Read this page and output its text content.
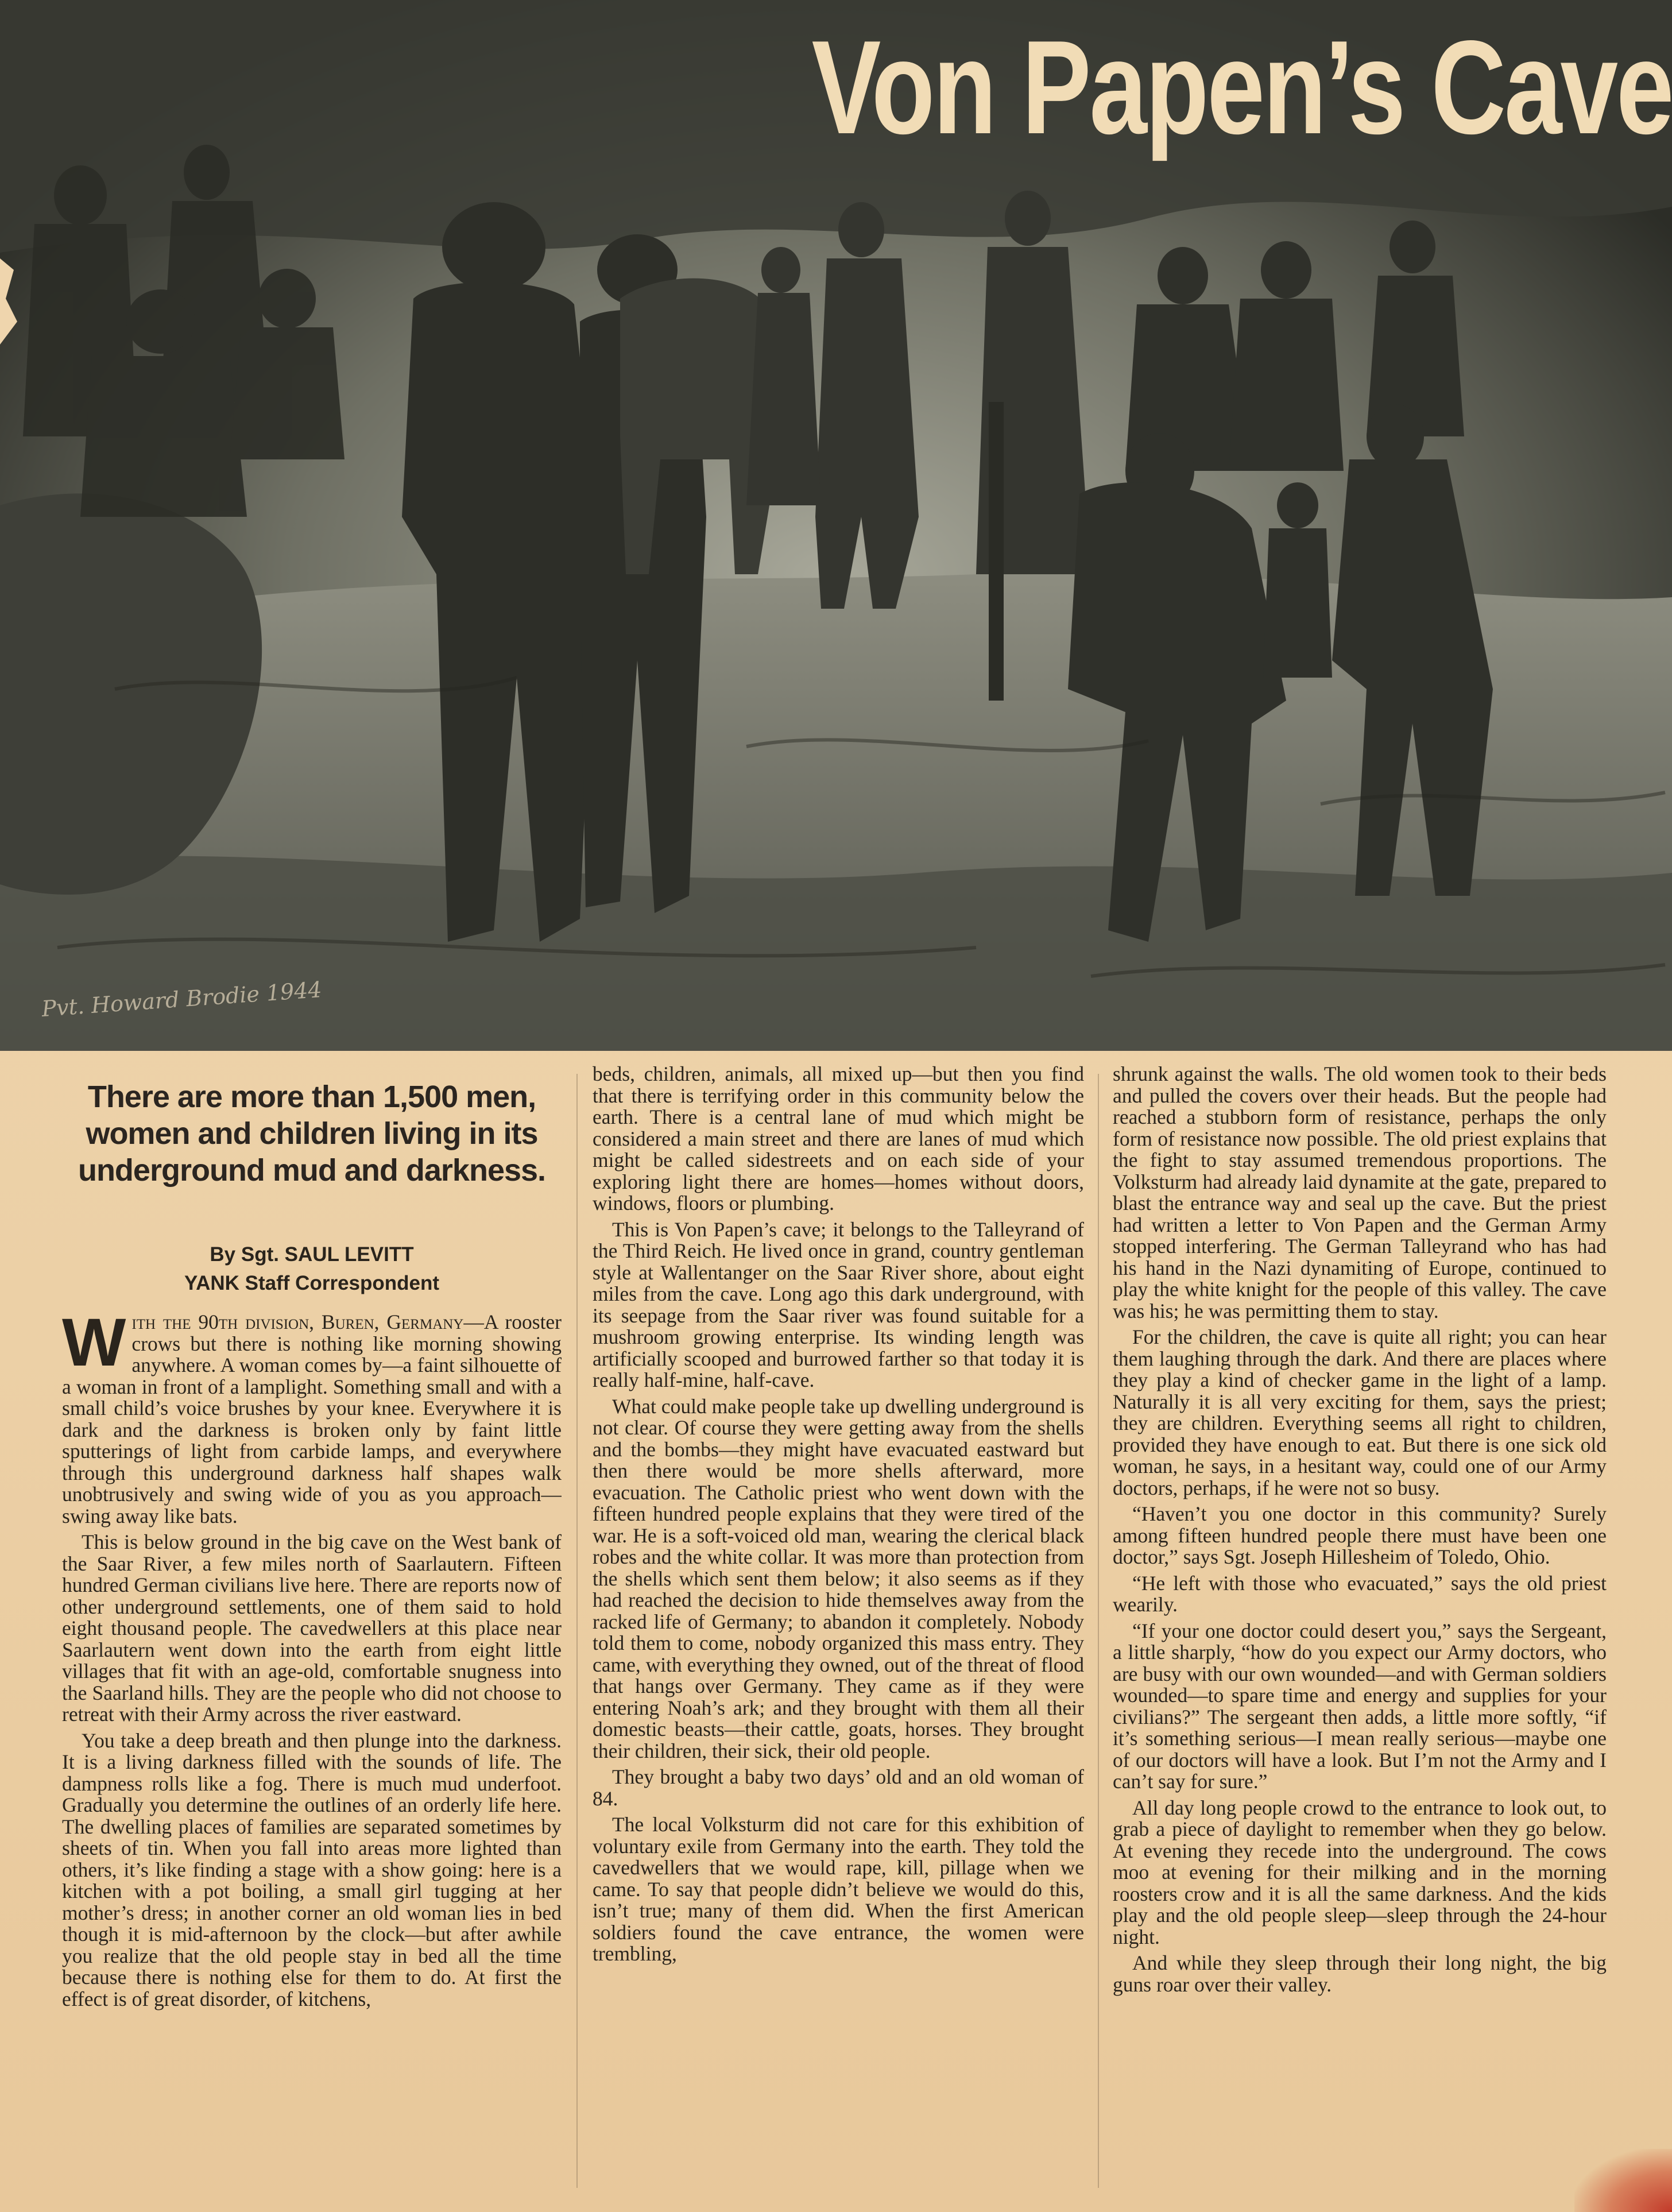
Von Papen’s Cave
Pvt. Howard Brodie 1944
There are more than 1,500 men, women and children living in its underground mud and darkness.
By Sgt. SAUL LEVITT
YANK Staff Correspondent

With the 90th division, Buren, Germany—A rooster crows but there is nothing like morning showing anywhere. A woman comes by—a faint silhouette of a woman in front of a lamplight. Something small and with a small child’s voice brushes by your knee. Everywhere it is dark and the darkness is broken only by faint little sputterings of light from carbide lamps, and everywhere through this underground darkness half shapes walk unobtrusively and swing wide of you as you approach—swing away like bats.

This is below ground in the big cave on the West bank of the Saar River, a few miles north of Saarlautern. Fifteen hundred German civilians live here. There are reports now of other underground settlements, one of them said to hold eight thousand people. The cavedwellers at this place near Saarlautern went down into the earth from eight little villages that fit with an age-old, comfortable snugness into the Saarland hills. They are the people who did not choose to retreat with their Army across the river eastward.

You take a deep breath and then plunge into the darkness. It is a living darkness filled with the sounds of life. The dampness rolls like a fog. There is much mud underfoot. Gradually you determine the outlines of an orderly life here. The dwelling places of families are separated sometimes by sheets of tin. When you fall into areas more lighted than others, it’s like finding a stage with a show going: here is a kitchen with a pot boiling, a small girl tugging at her mother’s dress; in another corner an old woman lies in bed though it is mid-afternoon by the clock—but after awhile you realize that the old people stay in bed all the time because there is nothing else for them to do. At first the effect is of great disorder, of kitchens,

beds, children, animals, all mixed up—but then you find that there is terrifying order in this community below the earth. There is a central lane of mud which might be considered a main street and there are lanes of mud which might be called sidestreets and on each side of your exploring light there are homes—homes without doors, windows, floors or plumbing.

This is Von Papen’s cave; it belongs to the Talleyrand of the Third Reich. He lived once in grand, country gentleman style at Wallentanger on the Saar River shore, about eight miles from the cave. Long ago this dark underground, with its seepage from the Saar river was found suitable for a mushroom growing enterprise. Its winding length was artificially scooped and burrowed farther so that today it is really half-mine, half-cave.

What could make people take up dwelling underground is not clear. Of course they were getting away from the shells and the bombs—they might have evacuated eastward but then there would be more shells afterward, more evacuation. The Catholic priest who went down with the fifteen hundred people explains that they were tired of the war. He is a soft-voiced old man, wearing the clerical black robes and the white collar. It was more than protection from the shells which sent them below; it also seems as if they had reached the decision to hide themselves away from the racked life of Germany; to abandon it completely. Nobody told them to come, nobody organized this mass entry. They came, with everything they owned, out of the threat of flood that hangs over Germany. They came as if they were entering Noah’s ark; and they brought with them all their domestic beasts—their cattle, goats, horses. They brought their children, their sick, their old people.

They brought a baby two days’ old and an old woman of 84.

The local Volksturm did not care for this exhibition of voluntary exile from Germany into the earth. They told the cavedwellers that we would rape, kill, pillage when we came. To say that people didn’t believe we would do this, isn’t true; many of them did. When the first American soldiers found the cave entrance, the women were trembling,

shrunk against the walls. The old women took to their beds and pulled the covers over their heads. But the people had reached a stubborn form of resistance, perhaps the only form of resistance now possible. The old priest explains that the fight to stay assumed tremendous proportions. The Volksturm had already laid dynamite at the gate, prepared to blast the entrance way and seal up the cave. But the priest had written a letter to Von Papen and the German Army stopped interfering. The German Talleyrand who has had his hand in the Nazi dynamiting of Europe, continued to play the white knight for the people of this valley. The cave was his; he was permitting them to stay.

For the children, the cave is quite all right; you can hear them laughing through the dark. And there are places where they play a kind of checker game in the light of a lamp. Naturally it is all very exciting for them, says the priest; they are children. Everything seems all right to children, provided they have enough to eat. But there is one sick old woman, he says, in a hesitant way, could one of our Army doctors, perhaps, if he were not so busy.

“Haven’t you one doctor in this community? Surely among fifteen hundred people there must have been one doctor,” says Sgt. Joseph Hillesheim of Toledo, Ohio.

“He left with those who evacuated,” says the old priest wearily.

“If your one doctor could desert you,” says the Sergeant, a little sharply, “how do you expect our Army doctors, who are busy with our own wounded—and with German soldiers wounded—to spare time and energy and supplies for your civilians?” The sergeant then adds, a little more softly, “if it’s something serious—I mean really serious—maybe one of our doctors will have a look. But I’m not the Army and I can’t say for sure.”

All day long people crowd to the entrance to look out, to grab a piece of daylight to remember when they go below. At evening they recede into the underground. The cows moo at evening for their milking and in the morning roosters crow and it is all the same darkness. And the kids play and the old people sleep—sleep through the 24-hour night.

And while they sleep through their long night, the big guns roar over their valley.
